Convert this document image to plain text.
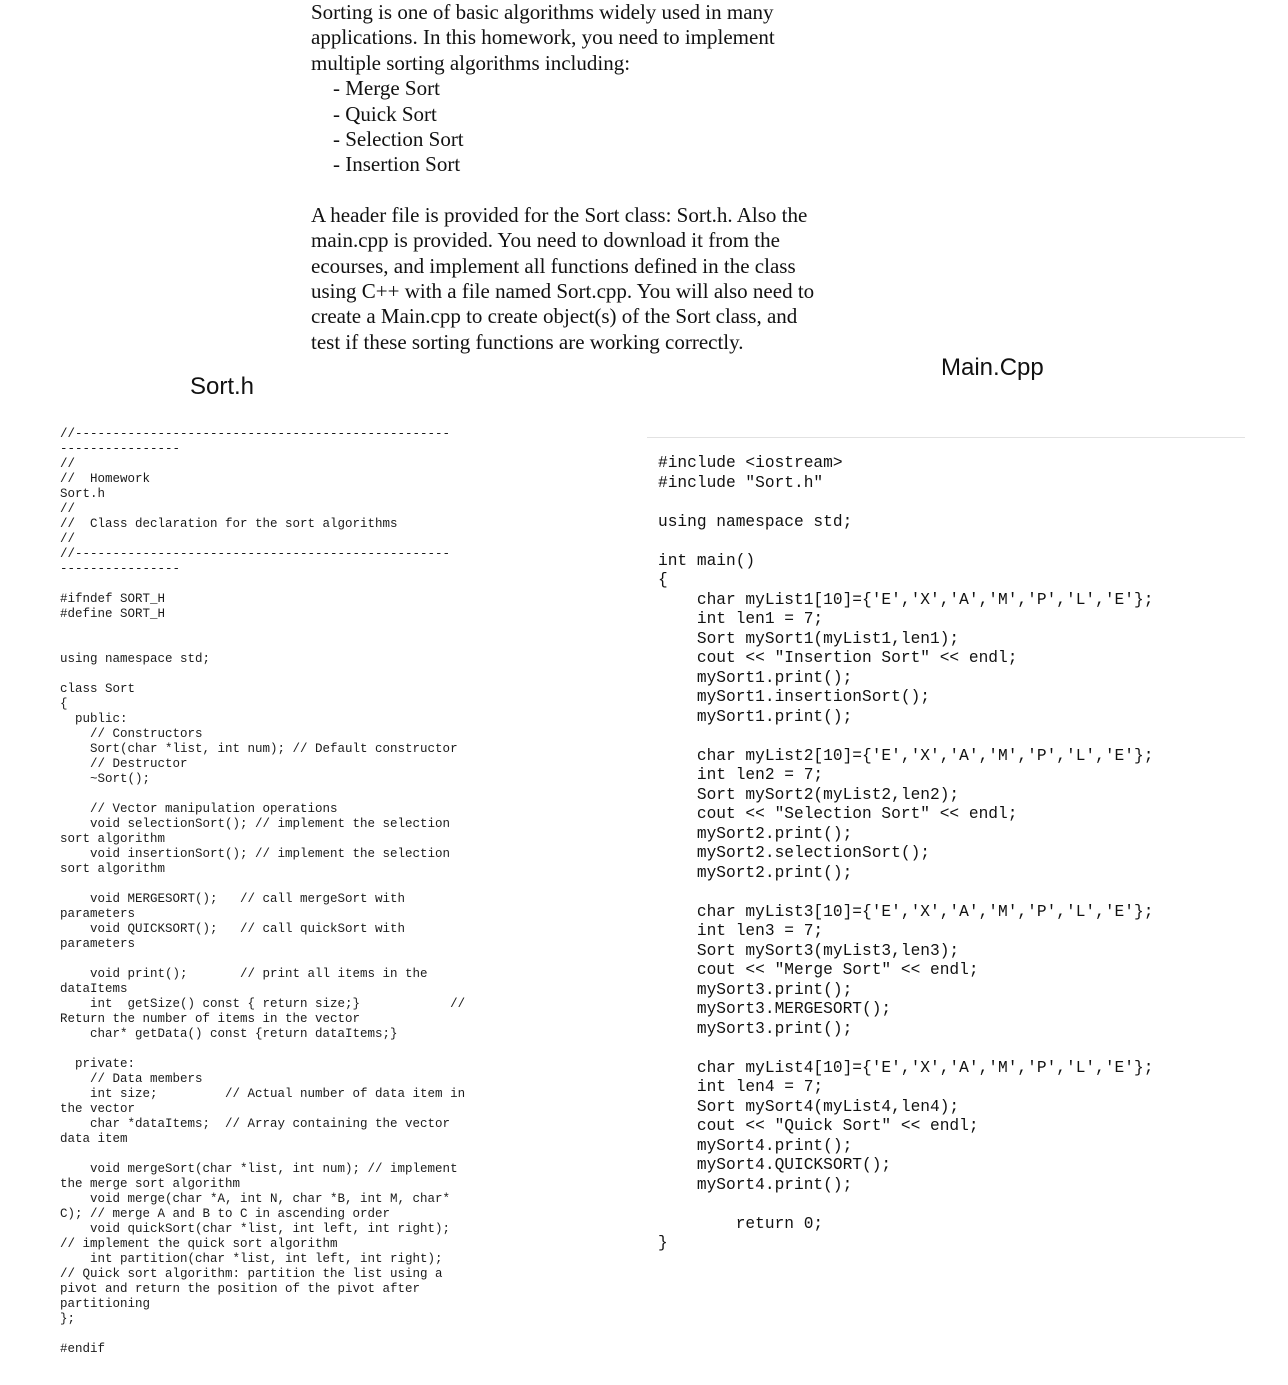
Sorting is one of basic algorithms widely used in many
applications. In this homework, you need to implement
multiple sorting algorithms including:

- Merge Sort
- Quick Sort
- Selection Sort
- Insertion Sort

A header file is provided for the Sort class: Sort.h. Also the
main.cpp is provided. You need to download it from the
ecourses, and implement all functions defined in the class
using C++ with a file named Sort.cpp. You will also need to
create a Main.cpp to create object(s) of the Sort class, and
test if these sorting functions are working correctly.

Sort.h
Main.Cpp
//--------------------------------------------------
----------------
//
//  Homework
Sort.h
//
//  Class declaration for the sort algorithms
//
//--------------------------------------------------
----------------

#ifndef SORT_H
#define SORT_H

using namespace std;

class Sort
{
public:
// Constructors
Sort(char *list, int num); // Default constructor
// Destructor
~Sort();

// Vector manipulation operations
void selectionSort(); // implement the selection
sort algorithm
void insertionSort(); // implement the selection
sort algorithm

void MERGESORT();   // call mergeSort with
parameters
void QUICKSORT();   // call quickSort with
parameters

void print();       // print all items in the
dataItems
int  getSize() const { return size;}            //
Return the number of items in the vector
char* getData() const {return dataItems;}

private:
// Data members
int size;         // Actual number of data item in
the vector
char *dataItems;  // Array containing the vector
data item

void mergeSort(char *list, int num); // implement
the merge sort algorithm
void merge(char *A, int N, char *B, int M, char*
C); // merge A and B to C in ascending order
void quickSort(char *list, int left, int right);
// implement the quick sort algorithm
int partition(char *list, int left, int right);
// Quick sort algorithm: partition the list using a
pivot and return the position of the pivot after
partitioning
};

#endif
#include <iostream>
#include "Sort.h"

using namespace std;

int main()
{
char myList1[10]={'E','X','A','M','P','L','E'};
int len1 = 7;
Sort mySort1(myList1,len1);
cout << "Insertion Sort" << endl;
mySort1.print();
mySort1.insertionSort();
mySort1.print();

char myList2[10]={'E','X','A','M','P','L','E'};
int len2 = 7;
Sort mySort2(myList2,len2);
cout << "Selection Sort" << endl;
mySort2.print();
mySort2.selectionSort();
mySort2.print();

char myList3[10]={'E','X','A','M','P','L','E'};
int len3 = 7;
Sort mySort3(myList3,len3);
cout << "Merge Sort" << endl;
mySort3.print();
mySort3.MERGESORT();
mySort3.print();

char myList4[10]={'E','X','A','M','P','L','E'};
int len4 = 7;
Sort mySort4(myList4,len4);
cout << "Quick Sort" << endl;
mySort4.print();
mySort4.QUICKSORT();
mySort4.print();

return 0;
}
